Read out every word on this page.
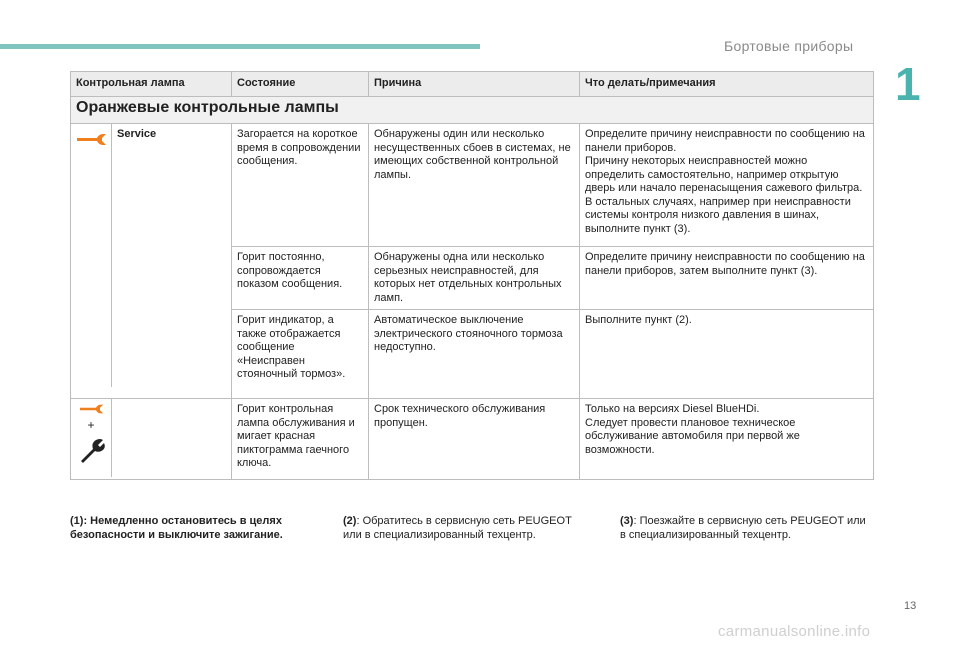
Бортовые приборы
1
Контрольная лампа	Состояние	Причина	Что делать/примечания
Оранжевые контрольные лампы			

Service	Загорается на короткое время в сопровождении сообщения.	Обнаружены один или несколько несущественных сбоев в системах, не имеющих собственной контрольной лампы.	Определите причину неисправности по сообщению на панели приборов.
Причину некоторых неисправностей можно определить самостоятельно, например открытую дверь или начало перенасыщения сажевого фильтра.
В остальных случаях, например при неисправности системы контроля низкого давления в шинах, выполните пункт (3).
	Горит постоянно, сопровождается показом сообщения.	Обнаружены одна или несколько серьезных неисправностей, для которых нет отдельных контрольных ламп.	Определите причину неисправности по сообщению на панели приборов, затем выполните пункт (3).
	Горит индикатор, а также отображается сообщение «Неисправен стояночный тормоз».	Автоматическое выключение электрического стояночного тормоза недоступно.	Выполните пункт (2).

+	Горит контрольная лампа обслуживания и мигает красная пиктограмма гаечного ключа.	Срок технического обслуживания пропущен.	Только на версиях Diesel BlueHDi.
Следует провести плановое техническое обслуживание автомобиля при первой же возможности.
(1): Немедленно остановитесь в целях безопасности и выключите зажигание.
(2): Обратитесь в сервисную сеть PEUGEOT или в специализированный техцентр.
(3): Поезжайте в сервисную сеть PEUGEOT или в специализированный техцентр.
13
carmanualsonline.info
